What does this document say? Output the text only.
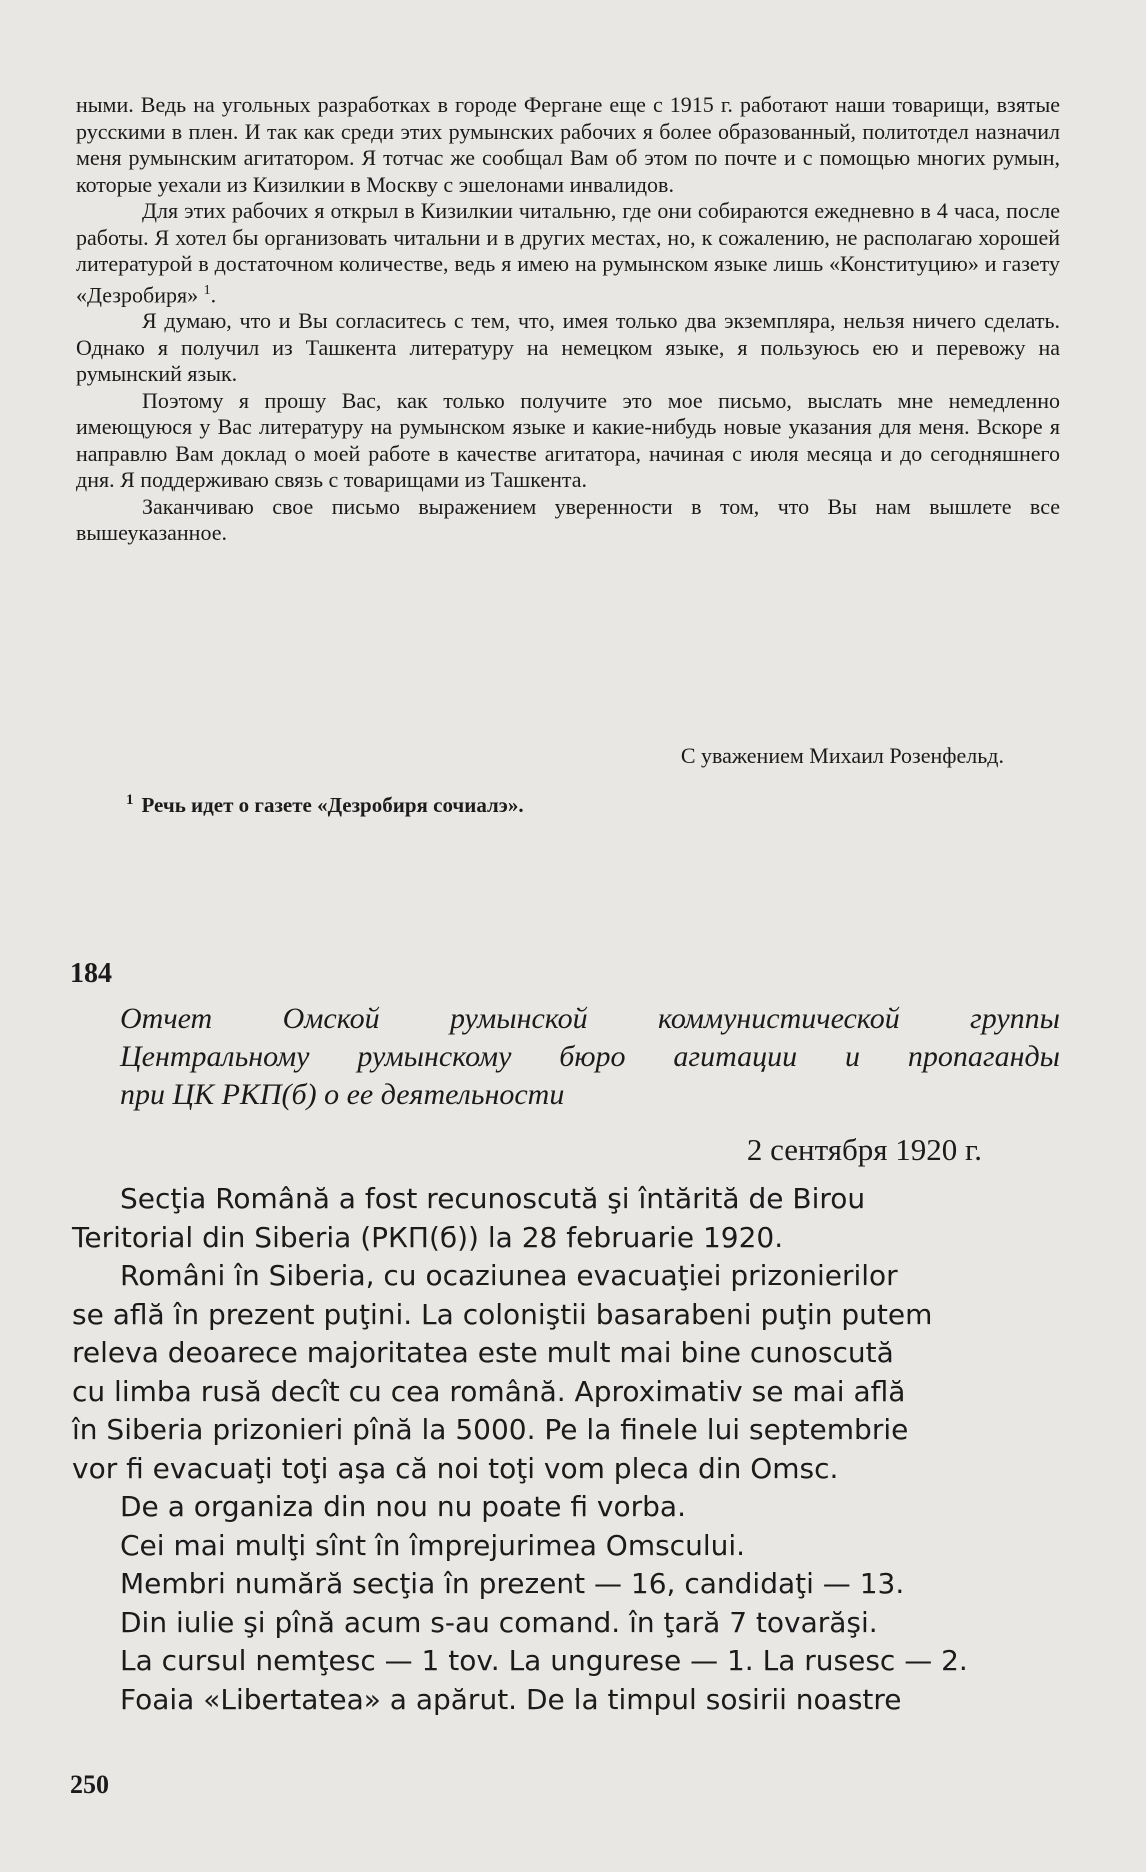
ными. Ведь на угольных разработках в городе Фергане еще с 1915 г. работают наши товарищи, взятые русскими в плен. И так как среди этих румынских рабочих я более образованный, политотдел назначил меня румынским агитатором. Я тотчас же сообщал Вам об этом по почте и с помощью многих румын, которые уехали из Кизилкии в Москву с эшелонами инвалидов.

Для этих рабочих я открыл в Кизилкии читальню, где они собираются ежедневно в 4 часа, после работы. Я хотел бы организовать читальни и в других местах, но, к сожалению, не располагаю хорошей литературой в достаточном количестве, ведь я имею на румынском языке лишь «Конституцию» и газету «Дезробиря» $^1$.

Я думаю, что и Вы согласитесь с тем, что, имея только два экземпляра, нельзя ничего сделать. Однако я получил из Ташкента литературу на немецком языке, я пользуюсь ею и перевожу на румынский язык.

Поэтому я прошу Вас, как только получите это мое письмо, выслать мне немедленно имеющуюся у Вас литературу на румынском языке и какие-нибудь новые указания для меня. Вскоре я направлю Вам доклад о моей работе в качестве агитатора, начиная с июля месяца и до сегодняшнего дня. Я поддерживаю связь с товарищами из Ташкента.

Заканчиваю свое письмо выражением уверенности в том, что Вы нам вышлете все вышеуказанное.

С уважением Михаил Розенфельд.
$^1$ Речь идет о газете «Дезробиря сочиалэ».
184
Отчет Омской румынской коммунистической группы
Центральному румынскому бюро агитации и пропаганды
при ЦК РКП(б) о ее деятельности
2 сентября 1920 г.

Secţia Română a fost recunoscută şi întărită de Birou

Teritorial din Siberia (РКП(б)) la 28 februarie 1920.

Români în Siberia, cu ocaziunea evacuaţiei prizonierilor

se află în prezent puţini. La coloniştii basarabeni puţin putem

releva deoarece majoritatea este mult mai bine cunoscută

cu limba rusă decît cu cea română. Aproximativ se mai află

în Siberia prizonieri pînă la 5000. Pe la finele lui septembrie

vor fi evacuaţi toţi aşa că noi toţi vom pleca din Omsc.

De a organiza din nou nu poate fi vorba.

Cei mai mulţi sînt în împrejurimea Omscului.

Membri numără secţia în prezent — 16, candidaţi — 13.

Din iulie şi pînă acum s-au comand. în ţară 7 tovarăşi.

La cursul nemţesc — 1 tov. La ungurese — 1. La rusesc — 2.

Foaia «Libertatea» a apărut. De la timpul sosirii noastre

250
